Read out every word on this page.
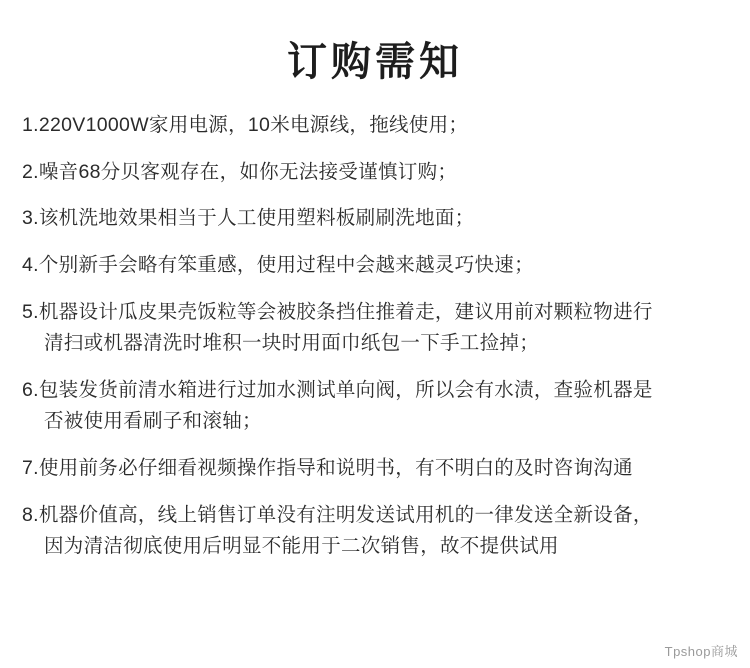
订购需知
1.220V1000W家用电源，10米电源线，拖线使用；
2.噪音68分贝客观存在，如你无法接受谨慎订购；
3.该机洗地效果相当于人工使用塑料板刷刷洗地面；
4.个别新手会略有笨重感，使用过程中会越来越灵巧快速；
5.机器设计瓜皮果壳饭粒等会被胶条挡住推着走，建议用前对颗粒物进行
清扫或机器清洗时堆积一块时用面巾纸包一下手工捡掉；
6.包装发货前清水箱进行过加水测试单向阀，所以会有水渍，查验机器是
否被使用看刷子和滚轴；
7.使用前务必仔细看视频操作指导和说明书，有不明白的及时咨询沟通
8.机器价值高，线上销售订单没有注明发送试用机的一律发送全新设备，
因为清洁彻底使用后明显不能用于二次销售，故不提供试用
Tpshop商城
